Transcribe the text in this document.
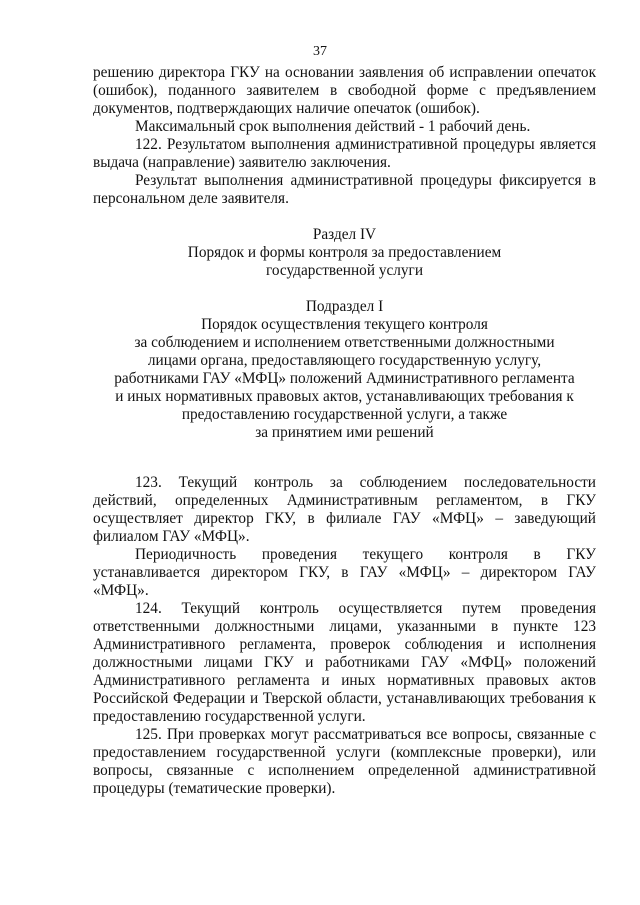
37

решению директора ГКУ на основании заявления об исправлении опечаток (ошибок), поданного заявителем в свободной форме с предъявлением документов, подтверждающих наличие опечаток (ошибок).

Максимальный срок выполнения действий - 1 рабочий день.

122. Результатом выполнения административной процедуры является выдача (направление) заявителю заключения.

Результат выполнения административной процедуры фиксируется в персональном деле заявителя.

Раздел IV

Порядок и формы контроля за предоставлением

государственной услуги

Подраздел I

Порядок осуществления текущего контроля

за соблюдением и исполнением ответственными должностными

лицами органа, предоставляющего государственную услугу,

работниками ГАУ «МФЦ» положений Административного регламента

и иных нормативных правовых актов, устанавливающих требования к

предоставлению государственной услуги, а также

за принятием ими решений

123. Текущий контроль за соблюдением последовательности действий, определенных Административным регламентом, в ГКУ осуществляет директор ГКУ, в филиале ГАУ «МФЦ» – заведующий филиалом ГАУ «МФЦ».

Периодичность проведения текущего контроля в ГКУ устанавливается директором ГКУ, в ГАУ «МФЦ» – директором ГАУ «МФЦ».

124. Текущий контроль осуществляется путем проведения ответственными должностными лицами, указанными в пункте 123 Административного регламента, проверок соблюдения и исполнения должностными лицами ГКУ и работниками ГАУ «МФЦ» положений Административного регламента и иных нормативных правовых актов Российской Федерации и Тверской области, устанавливающих требования к предоставлению государственной услуги.

125. При проверках могут рассматриваться все вопросы, связанные с предоставлением государственной услуги (комплексные проверки), или вопросы, связанные с исполнением определенной административной процедуры (тематические проверки).
